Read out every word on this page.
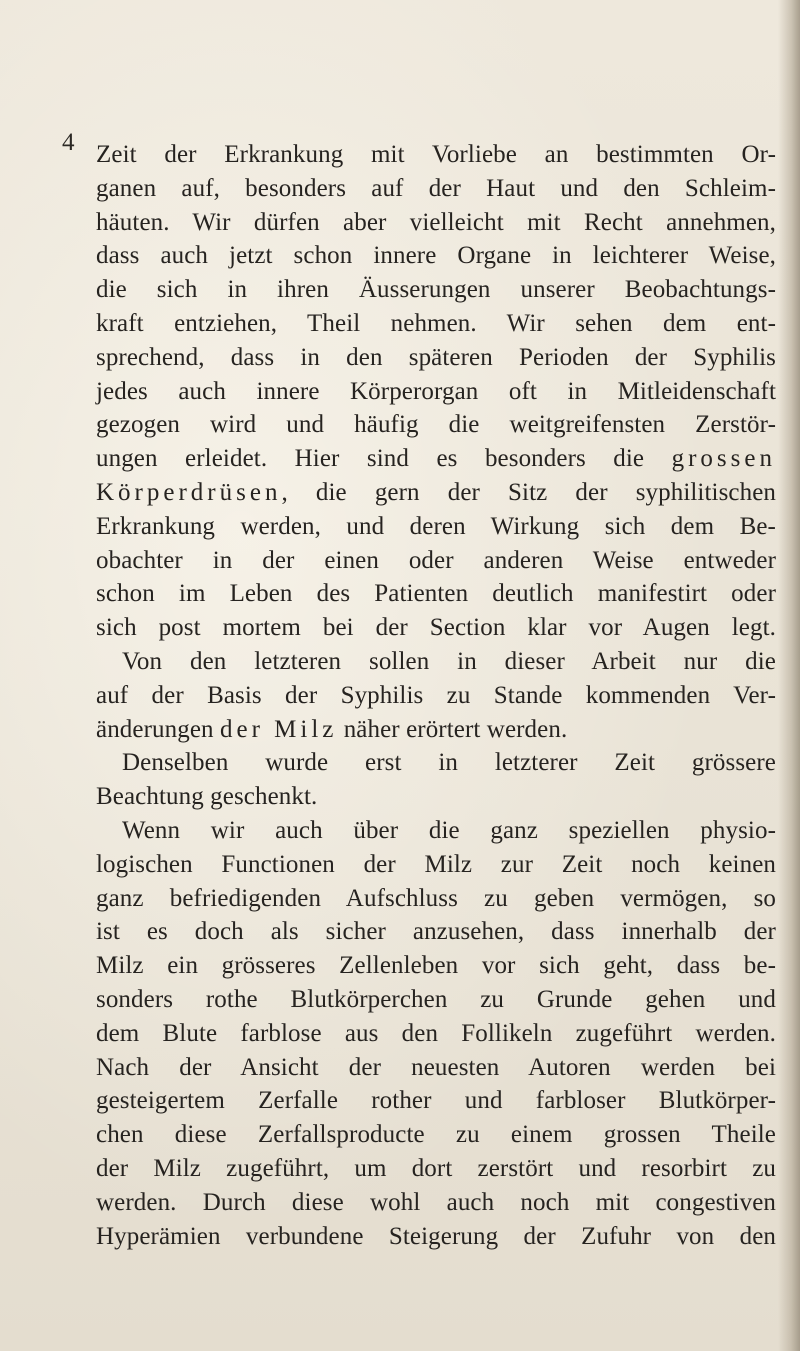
4 Zeit der Erkrankung mit Vorliebe an bestimmten Or-
ganen auf, besonders auf der Haut und den Schleim-
häuten. Wir dürfen aber vielleicht mit Recht annehmen,
dass auch jetzt schon innere Organe in leichterer Weise,
die sich in ihren Äusserungen unserer Beobachtungs-
kraft entziehen, Theil nehmen. Wir sehen dem ent-
sprechend, dass in den späteren Perioden der Syphilis
jedes auch innere Körperorgan oft in Mitleidenschaft
gezogen wird und häufig die weitgreifensten Zerstör-
ungen erleidet. Hier sind es besonders die grossen
Körperdrüsen, die gern der Sitz der syphilitischen
Erkrankung werden, und deren Wirkung sich dem Be-
obachter in der einen oder anderen Weise entweder
schon im Leben des Patienten deutlich manifestirt oder
sich post mortem bei der Section klar vor Augen legt.
Von den letzteren sollen in dieser Arbeit nur die
auf der Basis der Syphilis zu Stande kommenden Ver-
änderungen der Milz näher erörtert werden.
Denselben wurde erst in letzterer Zeit grössere
Beachtung geschenkt.
Wenn wir auch über die ganz speziellen physio-
logischen Functionen der Milz zur Zeit noch keinen
ganz befriedigenden Aufschluss zu geben vermögen, so
ist es doch als sicher anzusehen, dass innerhalb der
Milz ein grösseres Zellenleben vor sich geht, dass be-
sonders rothe Blutkörperchen zu Grunde gehen und
dem Blute farblose aus den Follikeln zugeführt werden.
Nach der Ansicht der neuesten Autoren werden bei
gesteigertem Zerfalle rother und farbloser Blutkörper-
chen diese Zerfallsproducte zu einem grossen Theile
der Milz zugeführt, um dort zerstört und resorbirt zu
werden. Durch diese wohl auch noch mit congestiven
Hyperämien verbundene Steigerung der Zufuhr von den
